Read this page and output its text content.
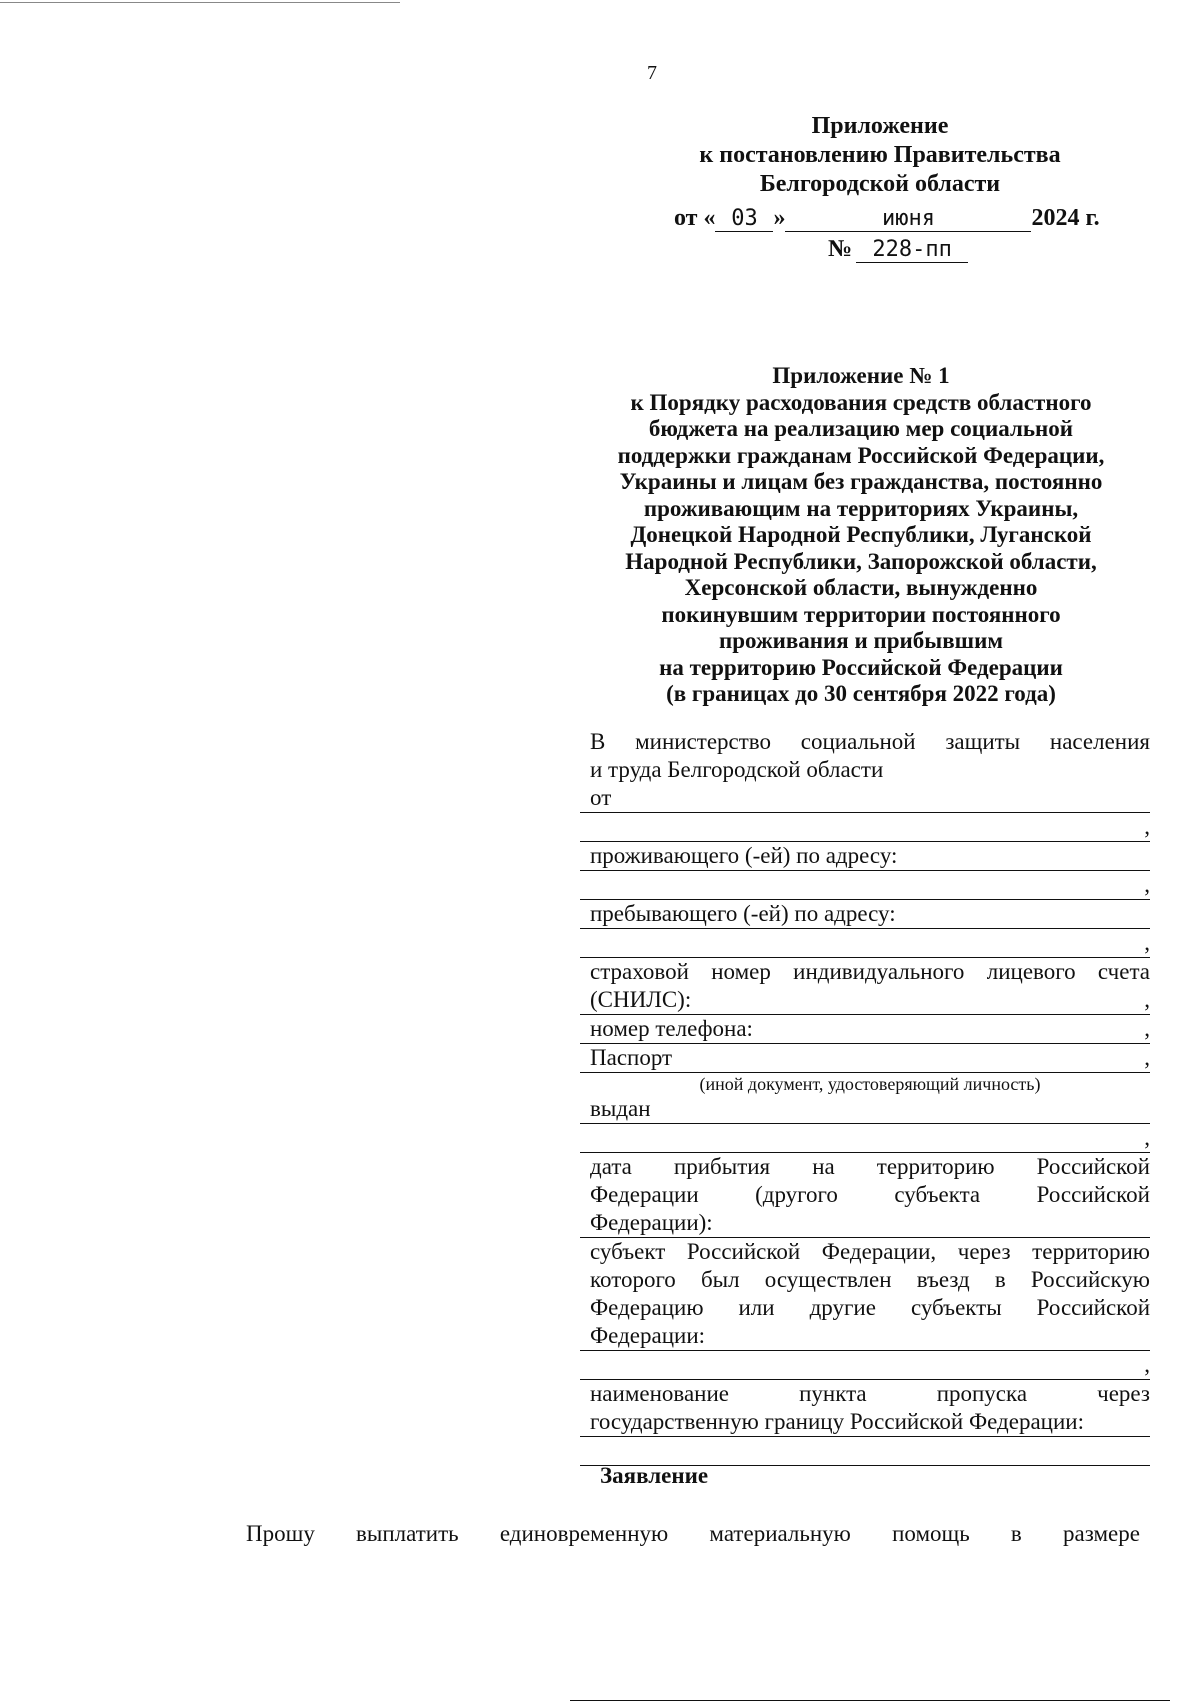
7
Приложение
к постановлению Правительства
Белгородской области
от « 03 »	июня	2024 г.
№ 228-пп
Приложение № 1
к Порядку расходования средств областного
бюджета на реализацию мер социальной
поддержки гражданам Российской Федерации,
Украины и лицам без гражданства, постоянно
проживающим на территориях Украины,
Донецкой Народной Республики, Луганской
Народной Республики, Запорожской области,
Херсонской области, вынужденно
покинувшим территории постоянного
проживания и прибывшим
на территорию Российской Федерации
(в границах до 30 сентября 2022 года)
В министерство социальной защиты населения
и труда Белгородской области
от
,
проживающего (-ей) по адресу:
,
пребывающего (-ей) по адресу:
,
страховой номер индивидуального лицевого счета
(СНИЛС):	,
номер телефона:	,
Паспорт	,
(иной документ, удостоверяющий личность)
выдан
,
дата прибытия на территорию Российской
Федерации (другого субъекта Российской
Федерации):
субъект Российской Федерации, через территорию
которого был осуществлен въезд в Российскую
Федерацию или другие субъекты Российской
Федерации:
,
наименование пункта пропуска через
государственную границу Российской Федерации:
Заявление
Прошу выплатить единовременную материальную помощь в размере
